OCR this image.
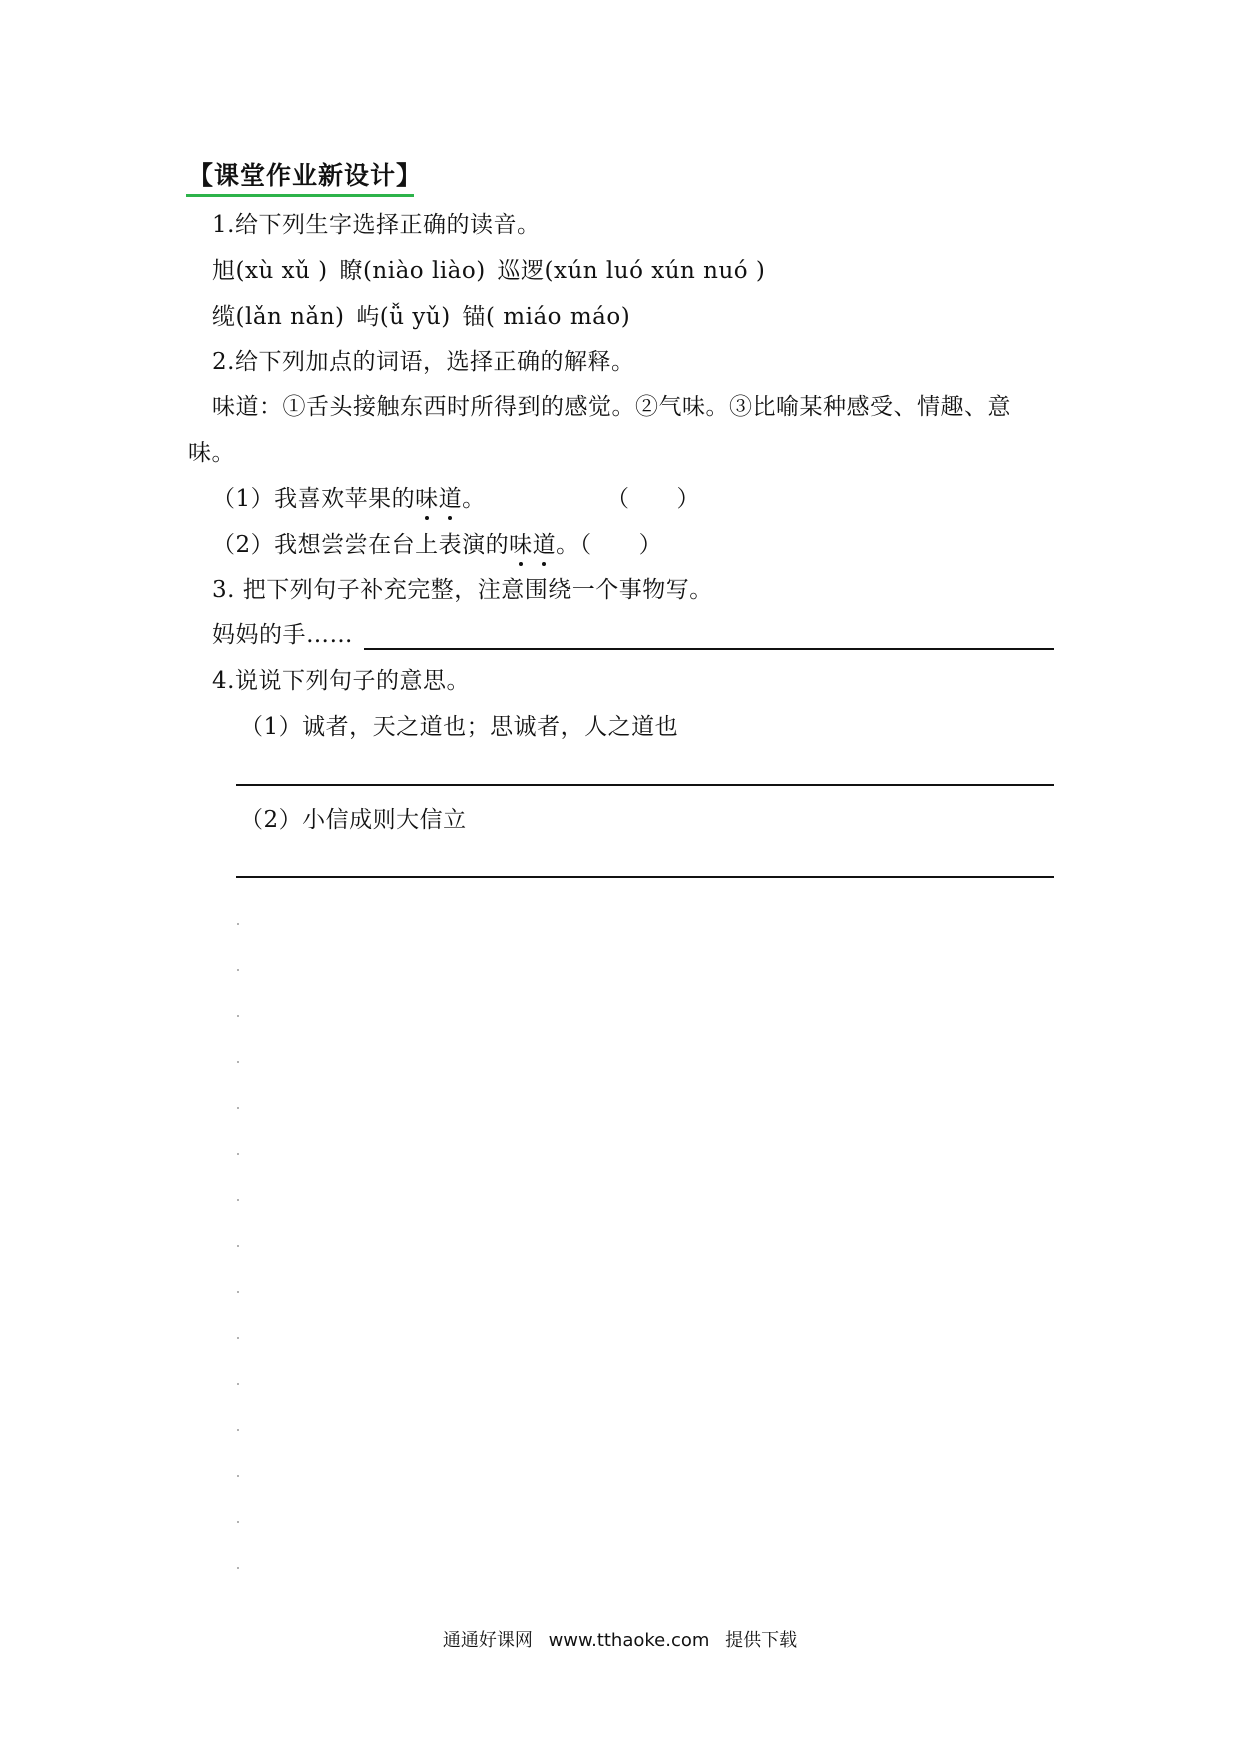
【课堂作业新设计】
1.给下列生字选择正确的读音。
旭(xù xǔ ) 瞭(niào liào) 巡逻(xún luó xún nuó )
缆(lǎn nǎn) 屿(ǚ yǔ) 锚( miáo máo)
2.给下列加点的词语，选择正确的解释。
味道：①舌头接触东西时所得到的感觉。②气味。③比喻某种感受、情趣、意
味。
（1）我喜欢苹果的味道。	（　　）
（2）我想尝尝在台上表演的味道。（　　）
3. 把下列句子补充完整，注意围绕一个事物写。
妈妈的手……
4.说说下列句子的意思。
（1）诚者，天之道也；思诚者，人之道也
（2）小信成则大信立
通通好课网 www.tthaoke.com 提供下载
